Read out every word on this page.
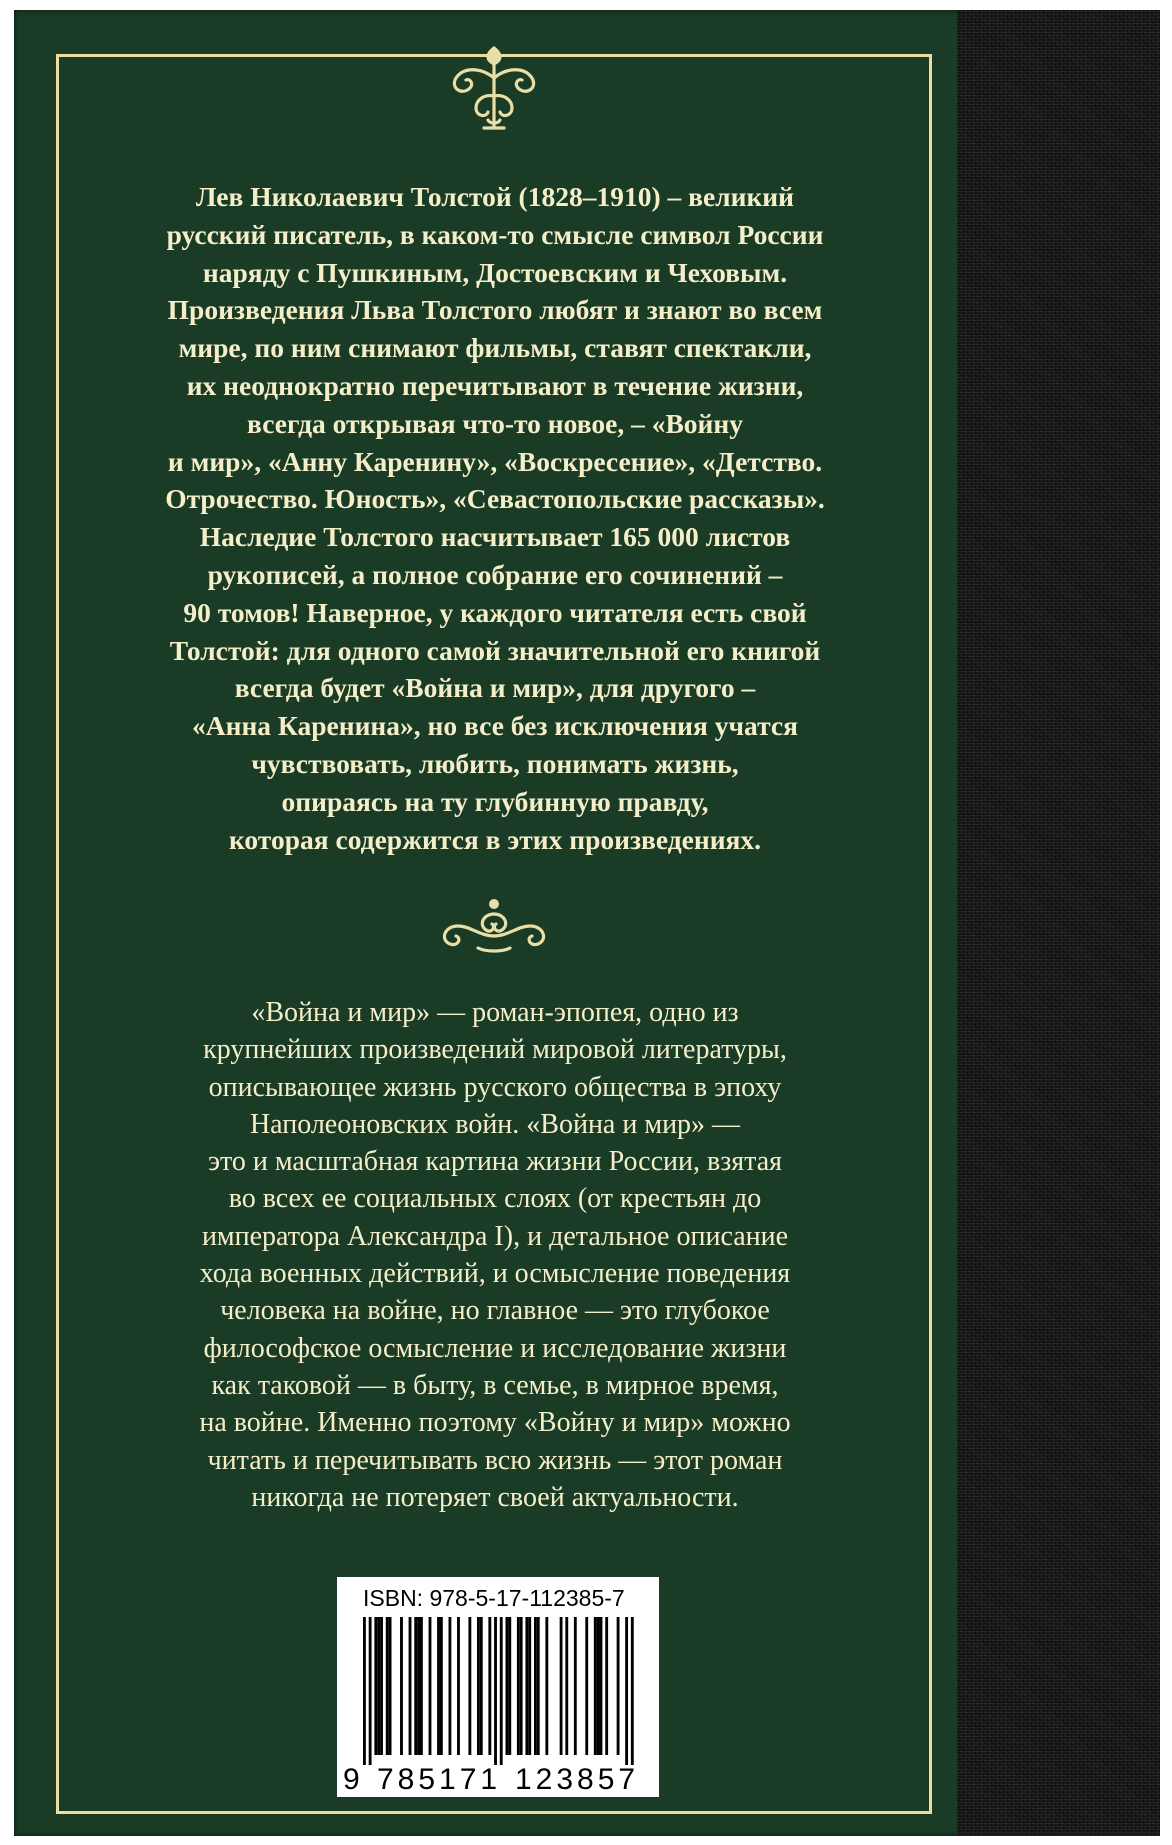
Лев Николаевич Толстой (1828–1910) – великий
русский писатель, в каком-то смысле символ России
наряду с Пушкиным, Достоевским и Чеховым.
Произведения Льва Толстого любят и знают во всем
мире, по ним снимают фильмы, ставят спектакли,
их неоднократно перечитывают в течение жизни,
всегда открывая что-то новое, – «Войну
и мир», «Анну Каренину», «Воскресение», «Детство.
Отрочество. Юность», «Севастопольские рассказы».
Наследие Толстого насчитывает 165 000 листов
рукописей, а полное собрание его сочинений –
90 томов! Наверное, у каждого читателя есть свой
Толстой: для одного самой значительной его книгой
всегда будет «Война и мир», для другого –
«Анна Каренина», но все без исключения учатся
чувствовать, любить, понимать жизнь,
опираясь на ту глубинную правду,
которая содержится в этих произведениях.
«Война и мир» — роман-эпопея, одно из
крупнейших произведений мировой литературы,
описывающее жизнь русского общества в эпоху
Наполеоновских войн. «Война и мир» —
это и масштабная картина жизни России, взятая
во всех ее социальных слоях (от крестьян до
императора Александра I), и детальное описание
хода военных действий, и осмысление поведения
человека на войне, но главное — это глубокое
философское осмысление и исследование жизни
как таковой — в быту, в семье, в мирное время,
на войне. Именно поэтому «Войну и мир» можно
читать и перечитывать всю жизнь — этот роман
никогда не потеряет своей актуальности.
ISBN: 978-5-17-112385-7
9 785171 123857
